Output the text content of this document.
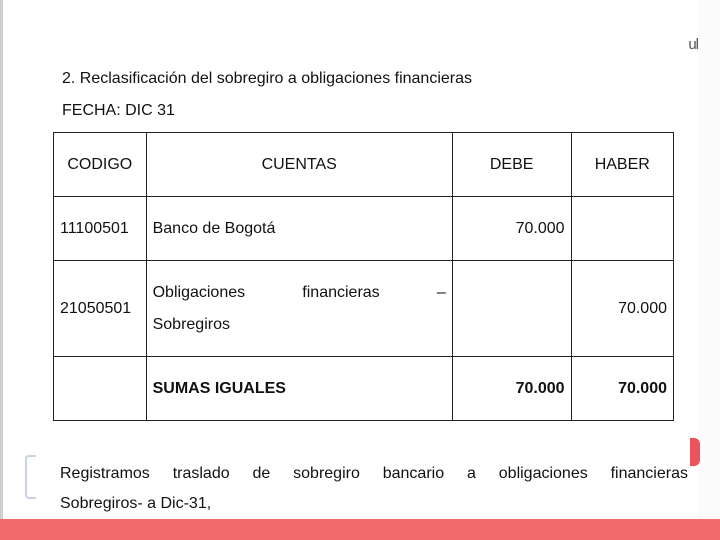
ul
2. Reclasificación del sobregiro a obligaciones financieras
FECHA: DIC 31
CODIGO	CUENTAS	DEBE	HABER
11100501	Banco de Bogotá	70.000	
21050501	Obligaciones financieras –
Sobregiros		70.000
	SUMAS IGUALES	70.000	70.000
Registramos traslado de sobregiro bancario a obligaciones financieras
Sobregiros- a Dic-31,
